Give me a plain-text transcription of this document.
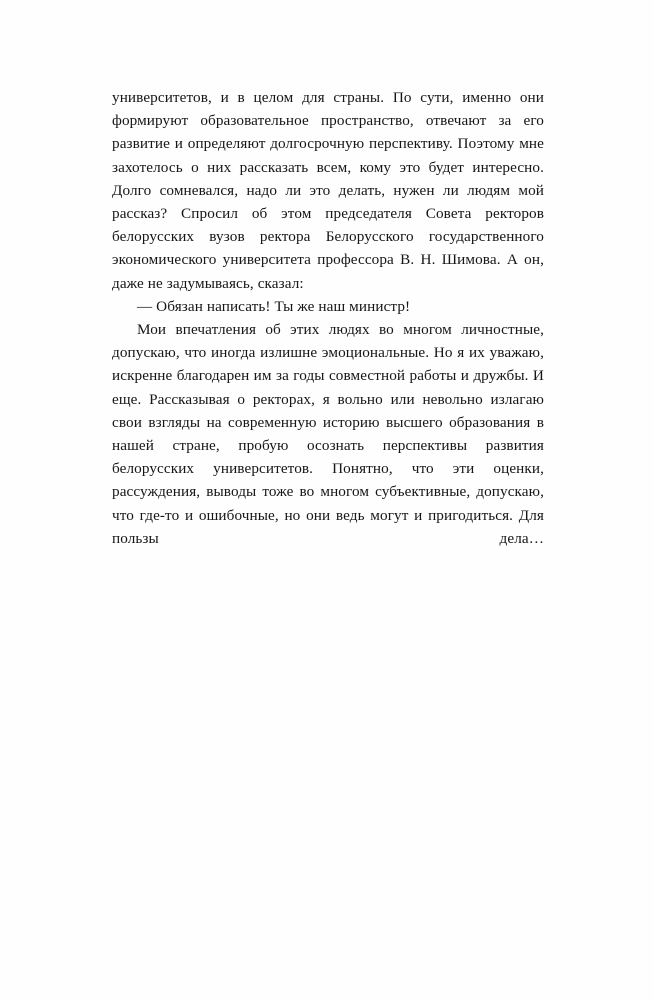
университетов, и в целом для страны. По сути, именно они формируют образовательное пространство, отвечают за его развитие и определяют долгосрочную перспективу. Поэтому мне захотелось о них рассказать всем, кому это будет интересно. Долго сомневался, надо ли это делать, нужен ли людям мой рассказ? Спросил об этом председателя Совета ректоров белорусских вузов ректора Белорусского государственного экономического университета профессора В. Н. Шимова. А он, даже не задумываясь, сказал:

— Обязан написать! Ты же наш министр!

Мои впечатления об этих людях во многом личностные, допускаю, что иногда излишне эмоциональные. Но я их уважаю, искренне благодарен им за годы совместной работы и дружбы. И еще. Рассказывая о ректорах, я вольно или невольно излагаю свои взгляды на современную историю высшего образования в нашей стране, пробую осознать перспективы развития белорусских университетов. Понятно, что эти оценки, рассуждения, выводы тоже во многом субъективные, допускаю, что где-то и ошибочные, но они ведь могут и пригодиться. Для пользы дела…
